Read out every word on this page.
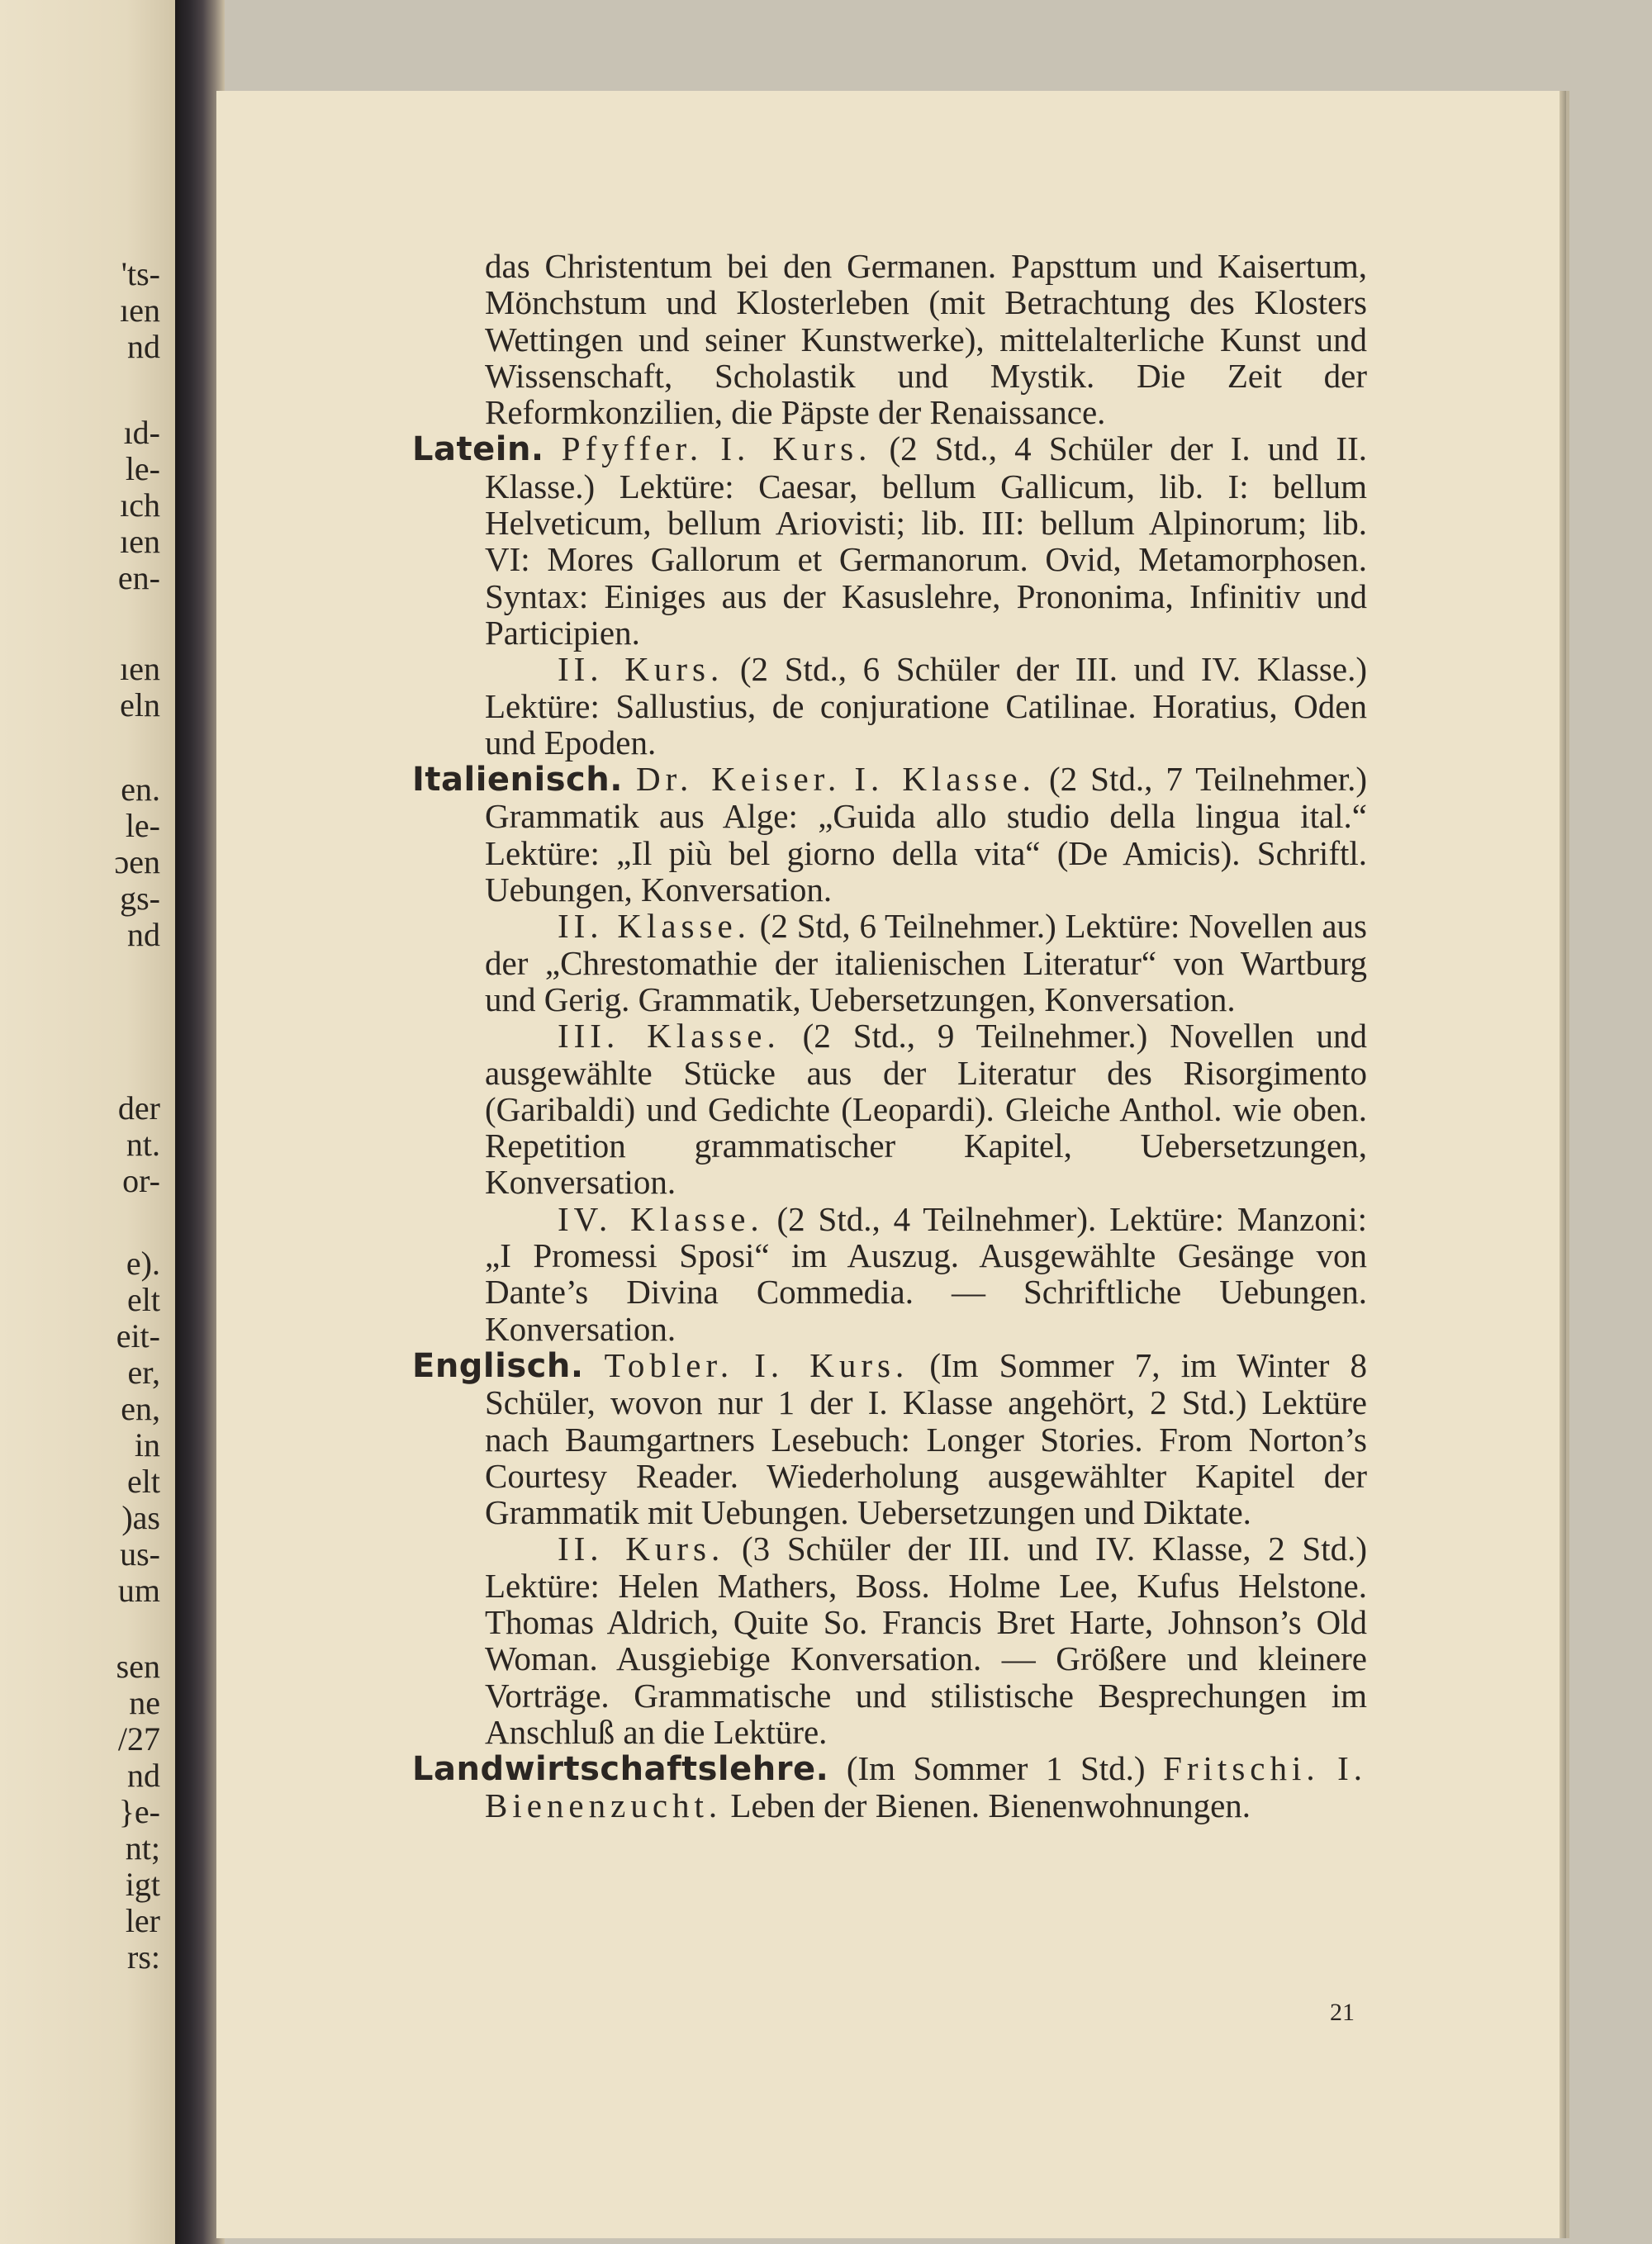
'ts-
ıen
nd
ıd-
le-
ıch
ıen
en-
ıen
eln
en.
le-
ɔen
gs-
nd
der
nt.
or-
e).
elt
eit-
er,
en,
in
elt
)as
us-
um
sen
ne
/27
nd
}e-
nt;
igt
ler
rs:

das Christentum bei den Germanen. Papsttum und Kaisertum, Mönchstum und Klosterleben (mit Betrachtung des Klosters Wettingen und seiner Kunstwerke), mittelalterliche Kunst und Wissenschaft, Scholastik und Mystik. Die Zeit der Reformkonzilien, die Päpste der Renaissance.

Latein. Pfyffer. I. Kurs. (2 Std., 4 Schüler der I. und II. Klasse.) Lektüre: Caesar, bellum Gallicum, lib. I: bellum Helveticum, bellum Ariovisti; lib. III: bellum Alpinorum; lib. VI: Mores Gallorum et Germanorum. Ovid, Metamorphosen. Syntax: Einiges aus der Kasuslehre, Prononima, Infinitiv und Participien.

II. Kurs. (2 Std., 6 Schüler der III. und IV. Klasse.) Lektüre: Sallustius, de conjuratione Catilinae. Horatius, Oden und Epoden.

Italienisch. Dr. Keiser. I. Klasse. (2 Std., 7 Teilnehmer.) Grammatik aus Alge: „Guida allo studio della lingua ital.“ Lektüre: „Il più bel giorno della vita“ (De Amicis). Schriftl. Uebungen, Konversation.

II. Klasse. (2 Std, 6 Teilnehmer.) Lektüre: Novellen aus der „Chrestomathie der italienischen Literatur“ von Wartburg und Gerig. Grammatik, Uebersetzungen, Konversation.

III. Klasse. (2 Std., 9 Teilnehmer.) Novellen und ausgewählte Stücke aus der Literatur des Risorgimento (Garibaldi) und Gedichte (Leopardi). Gleiche Anthol. wie oben. Repetition grammatischer Kapitel, Uebersetzungen, Konversation.

IV. Klasse. (2 Std., 4 Teilnehmer). Lektüre: Manzoni: „I Promessi Sposi“ im Auszug. Ausgewählte Gesänge von Dante’s Divina Commedia. — Schriftliche Uebungen. Konversation.

Englisch. Tobler. I. Kurs. (Im Sommer 7, im Winter 8 Schüler, wovon nur 1 der I. Klasse angehört, 2 Std.) Lektüre nach Baumgartners Lesebuch: Longer Stories. From Norton’s Courtesy Reader. Wiederholung ausgewählter Kapitel der Grammatik mit Uebungen. Uebersetzungen und Diktate.

II. Kurs. (3 Schüler der III. und IV. Klasse, 2 Std.) Lektüre: Helen Mathers, Boss. Holme Lee, Kufus Helstone. Thomas Aldrich, Quite So. Francis Bret Harte, Johnson’s Old Woman. Ausgiebige Konversation. — Größere und kleinere Vorträge. Grammatische und stilistische Besprechungen im Anschluß an die Lektüre.

Landwirtschaftslehre. (Im Sommer 1 Std.) Fritschi. I. Bienenzucht. Leben der Bienen. Bienenwohnungen.

21
